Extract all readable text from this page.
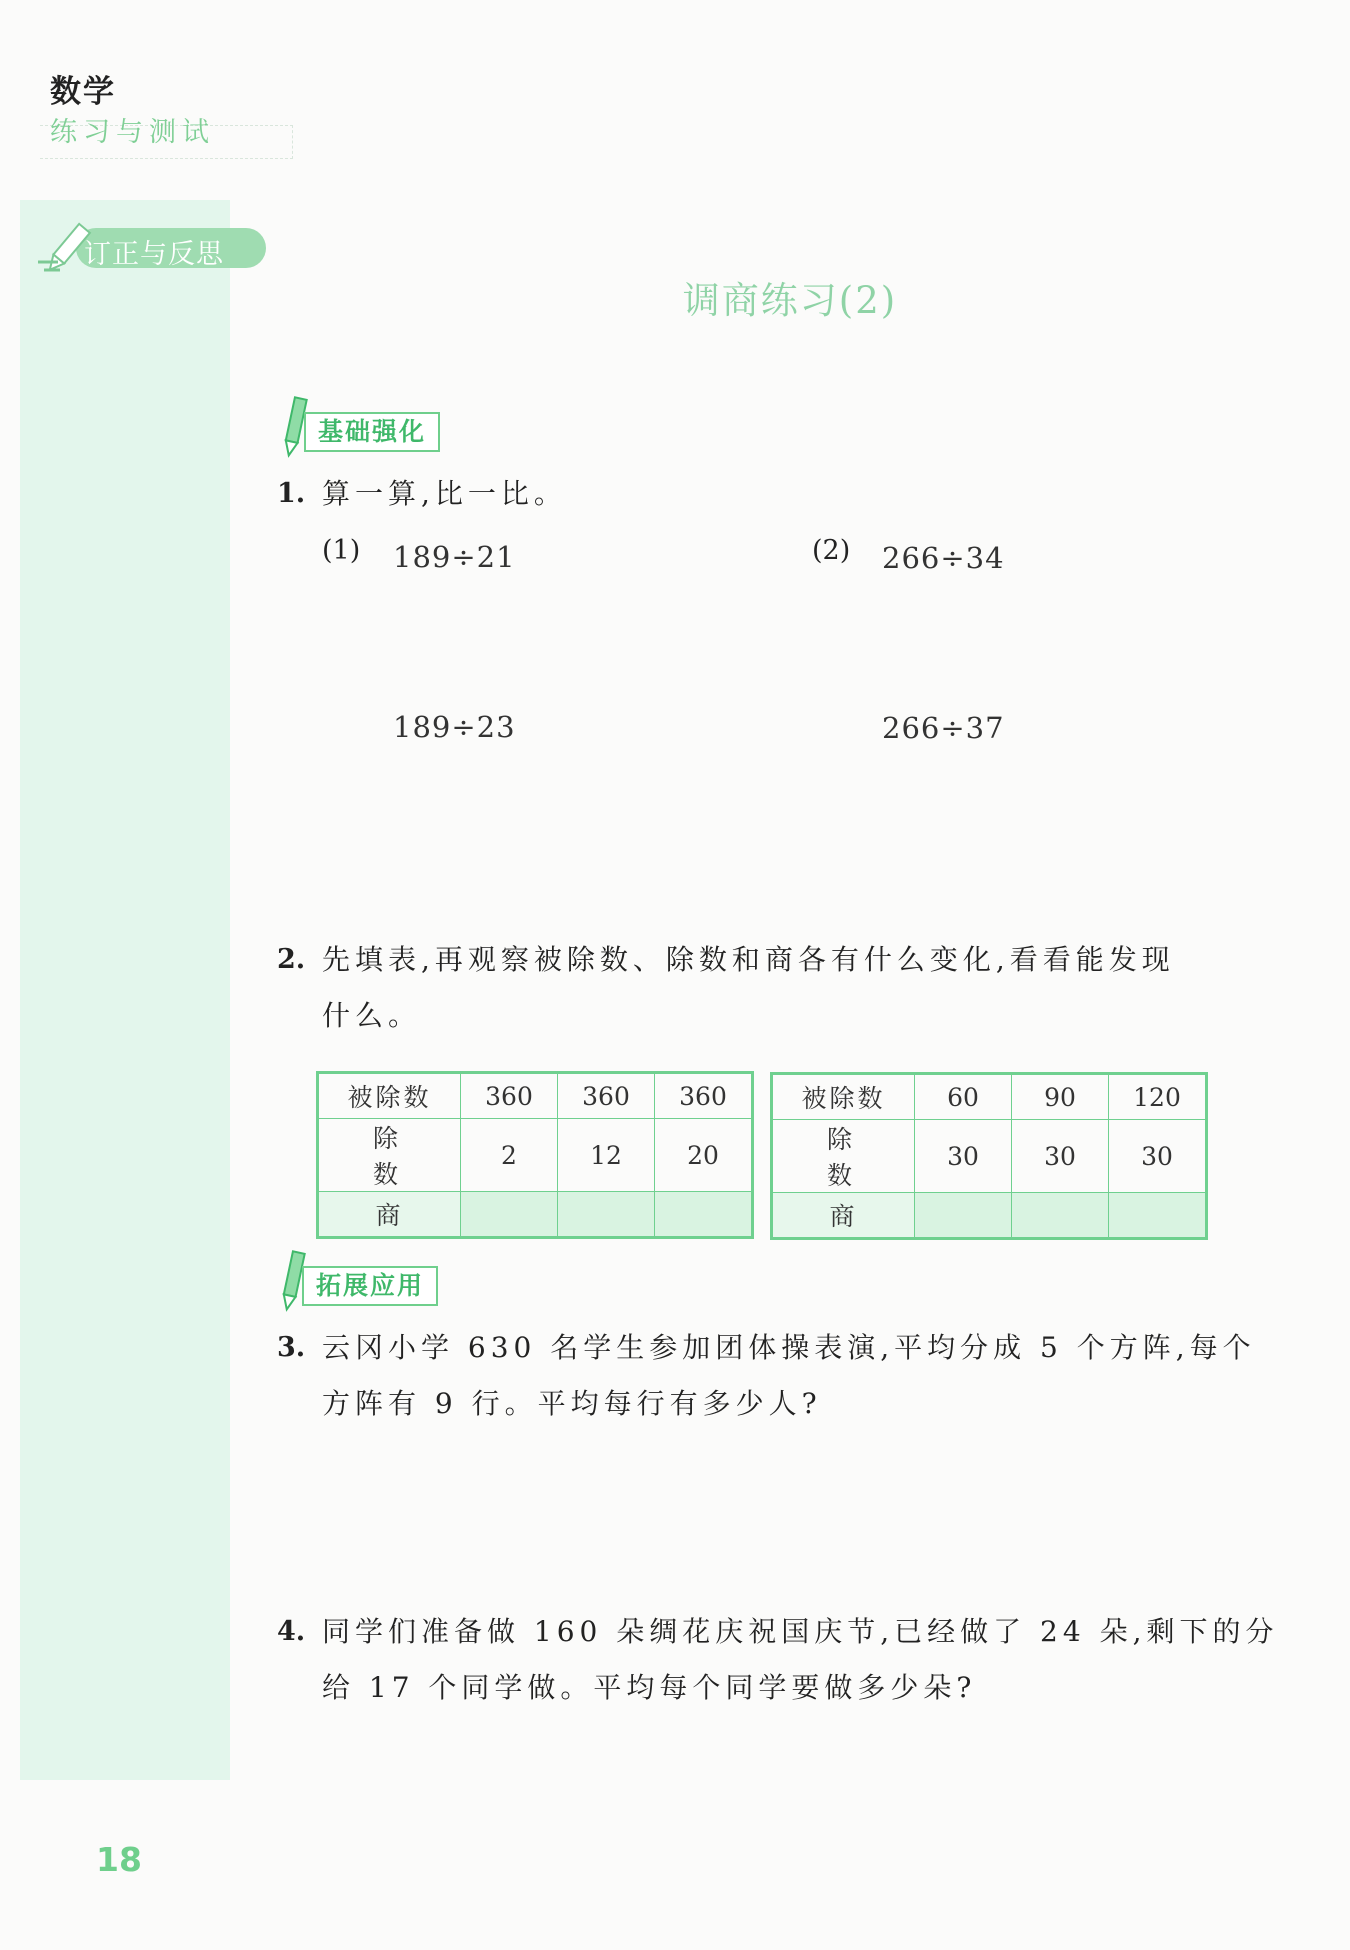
数学
练习与测试
订正与反思
调商练习(2)
基础强化
1. 算一算,比一比。
(1) 189÷21
189÷23
(2) 266÷34
266÷37
2. 先填表,再观察被除数、除数和商各有什么变化,看看能发现
什么。
被除数	360	360	360
除 数	2	12	20
商			
被除数	60	90	120
除 数	30	30	30
商			
拓展应用
3. 云冈小学 630 名学生参加团体操表演,平均分成 5 个方阵,每个
方阵有 9 行。平均每行有多少人?
4. 同学们准备做 160 朵绸花庆祝国庆节,已经做了 24 朵,剩下的分
给 17 个同学做。平均每个同学要做多少朵?
18
